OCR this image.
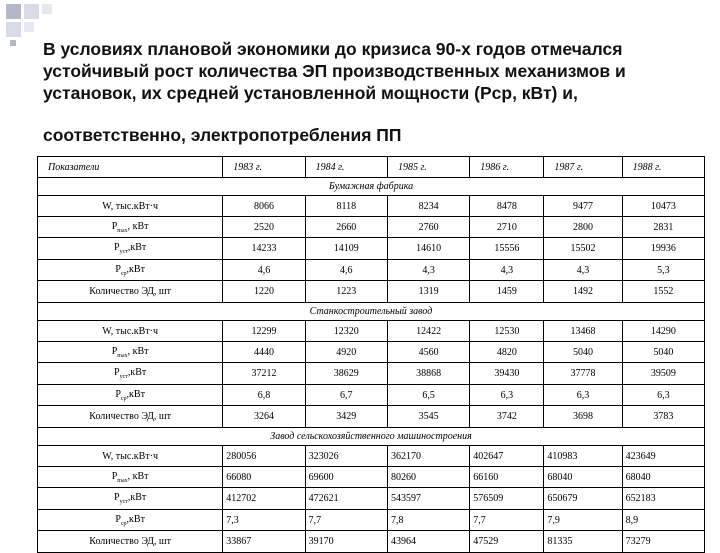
В условиях плановой экономики до кризиса 90-х годов отмечался
устойчивый рост количества ЭП производственных механизмов и
установок, их средней установленной мощности (Рср, кВт) и,
соответственно, электропотребления ПП
Показатели	1983 г.	1984 г.	1985 г.	1986 г.	1987 г.	1988 г.
Бумажная фабрика						
W, тыс.кВт·ч	8066	8118	8234	8478	9477	10473
$Р_{max}$, кВт	2520	2660	2760	2710	2800	2831
$Р_{уст},кВт$	14233	14109	14610	15556	15502	19936
$Р_{ср},кВт$	4,6	4,6	4,3	4,3	4,3	5,3
Количество ЭД, шт	1220	1223	1319	1459	1492	1552
Станкостроительный завод						
W, тыс.кВт·ч	12299	12320	12422	12530	13468	14290
$Р_{max}$, кВт	4440	4920	4560	4820	5040	5040
$Р_{уст},кВт$	37212	38629	38868	39430	37778	39509
$Р_{ср},кВт$	6,8	6,7	6,5	6,3	6,3	6,3
Количество ЭД, шт	3264	3429	3545	3742	3698	3783
Завод сельскохозяйственного машиностроения						
W, тыс.кВт·ч	280056	323026	362170	402647	410983	423649
$Р_{max}$, кВт	66080	69600	80260	66160	68040	68040
$Р_{уст},кВт$	412702	472621	543597	576509	650679	652183
$Р_{ср},кВт$	7,3	7,7	7,8	7,7	7,9	8,9
Количество ЭД, шт	33867	39170	43964	47529	81335	73279
